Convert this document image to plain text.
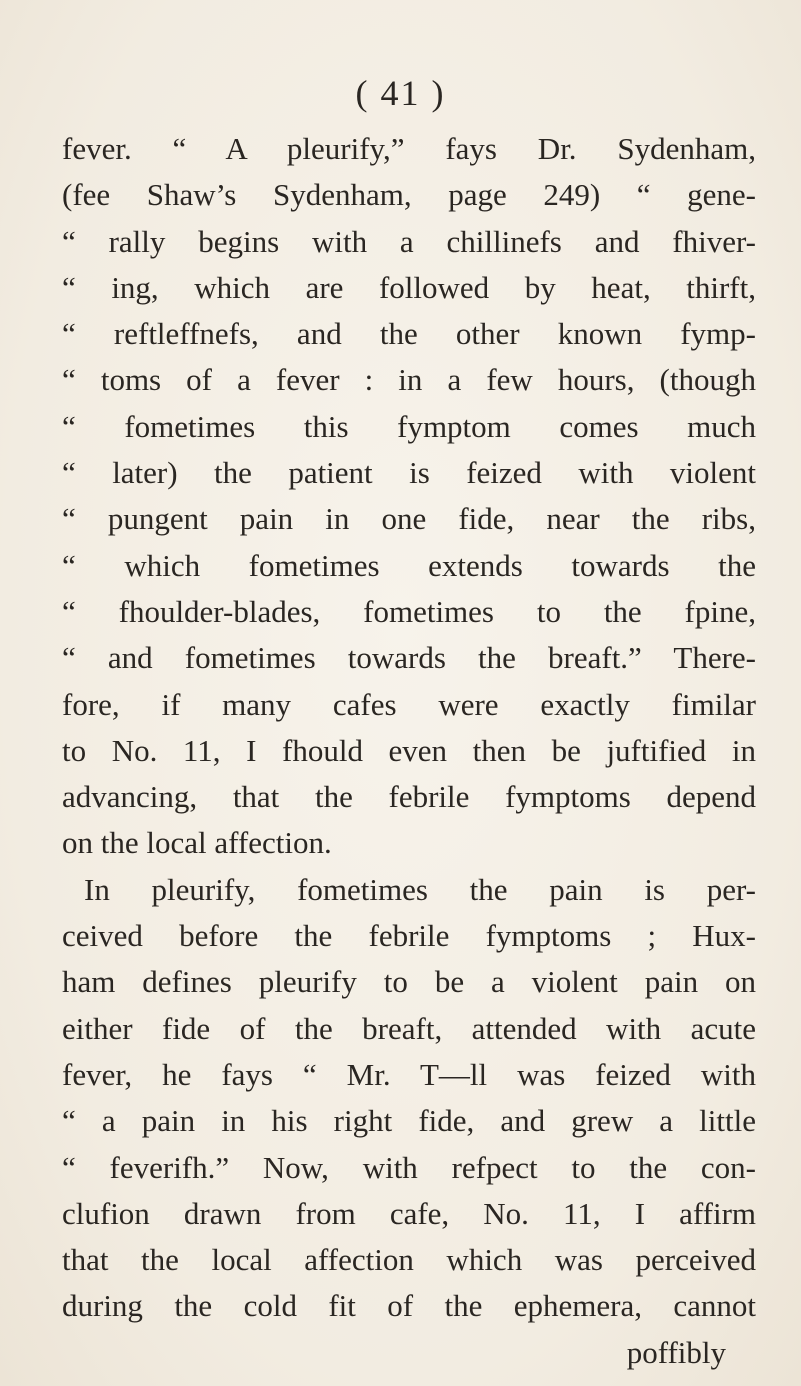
( 41 )
fever. “ A pleurify,” fays Dr. Sydenham,
(fee Shaw’s Sydenham, page 249) “ gene-
“ rally begins with a chillinefs and fhiver-
“ ing, which are followed by heat, thirft,
“ reftleffnefs, and the other known fymp-
“ toms of a fever : in a few hours, (though
“ fometimes this fymptom comes much
“ later) the patient is feized with violent
“ pungent pain in one fide, near the ribs,
“ which fometimes extends towards the
“ fhoulder-blades, fometimes to the fpine,
“ and fometimes towards the breaft.” There-
fore, if many cafes were exactly fimilar
to No. 11, I fhould even then be juftified in
advancing, that the febrile fymptoms depend
on the local affection.
In pleurify, fometimes the pain is per-
ceived before the febrile fymptoms ; Hux-
ham defines pleurify to be a violent pain on
either fide of the breaft, attended with acute
fever, he fays “ Mr. T—ll was feized with
“ a pain in his right fide, and grew a little
“ feverifh.” Now, with refpect to the con-
clufion drawn from cafe, No. 11, I affirm
that the local affection which was perceived
during the cold fit of the ephemera, cannot
poffibly
